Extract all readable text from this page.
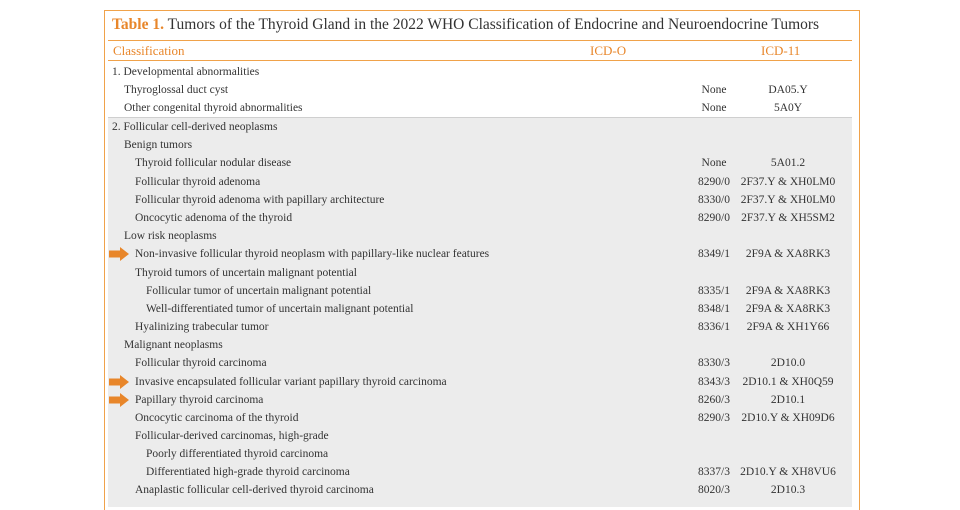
Table 1. Tumors of the Thyroid Gland in the 2022 WHO Classification of Endocrine and Neuroendocrine Tumors
Classification	ICD-O	ICD-11
1. Developmental abnormalities
Thyroglossal duct cyst	None	DA05.Y
Other congenital thyroid abnormalities	None	5A0Y
2. Follicular cell-derived neoplasms
Benign tumors
Thyroid follicular nodular disease	None	5A01.2
Follicular thyroid adenoma	8290/0 2F37.Y & XH0LM0
Follicular thyroid adenoma with papillary architecture	8330/0 2F37.Y & XH0LM0
Oncocytic adenoma of the thyroid	8290/0 2F37.Y & XH5SM2
Low risk neoplasms
Non-invasive follicular thyroid neoplasm with papillary-like nuclear features	8349/1	2F9A & XA8RK3
Thyroid tumors of uncertain malignant potential
Follicular tumor of uncertain malignant potential	8335/1	2F9A & XA8RK3
Well-differentiated tumor of uncertain malignant potential	8348/1	2F9A & XA8RK3
Hyalinizing trabecular tumor	8336/1	2F9A & XH1Y66
Malignant neoplasms
Follicular thyroid carcinoma	8330/3	2D10.0
Invasive encapsulated follicular variant papillary thyroid carcinoma	8343/3	2D10.1 & XH0Q59
Papillary thyroid carcinoma	8260/3	2D10.1
Oncocytic carcinoma of the thyroid	8290/3 2D10.Y & XH09D6
Follicular-derived carcinomas, high-grade
Poorly differentiated thyroid carcinoma
Differentiated high-grade thyroid carcinoma	8337/3 2D10.Y & XH8VU6
Anaplastic follicular cell-derived thyroid carcinoma	8020/3	2D10.3
